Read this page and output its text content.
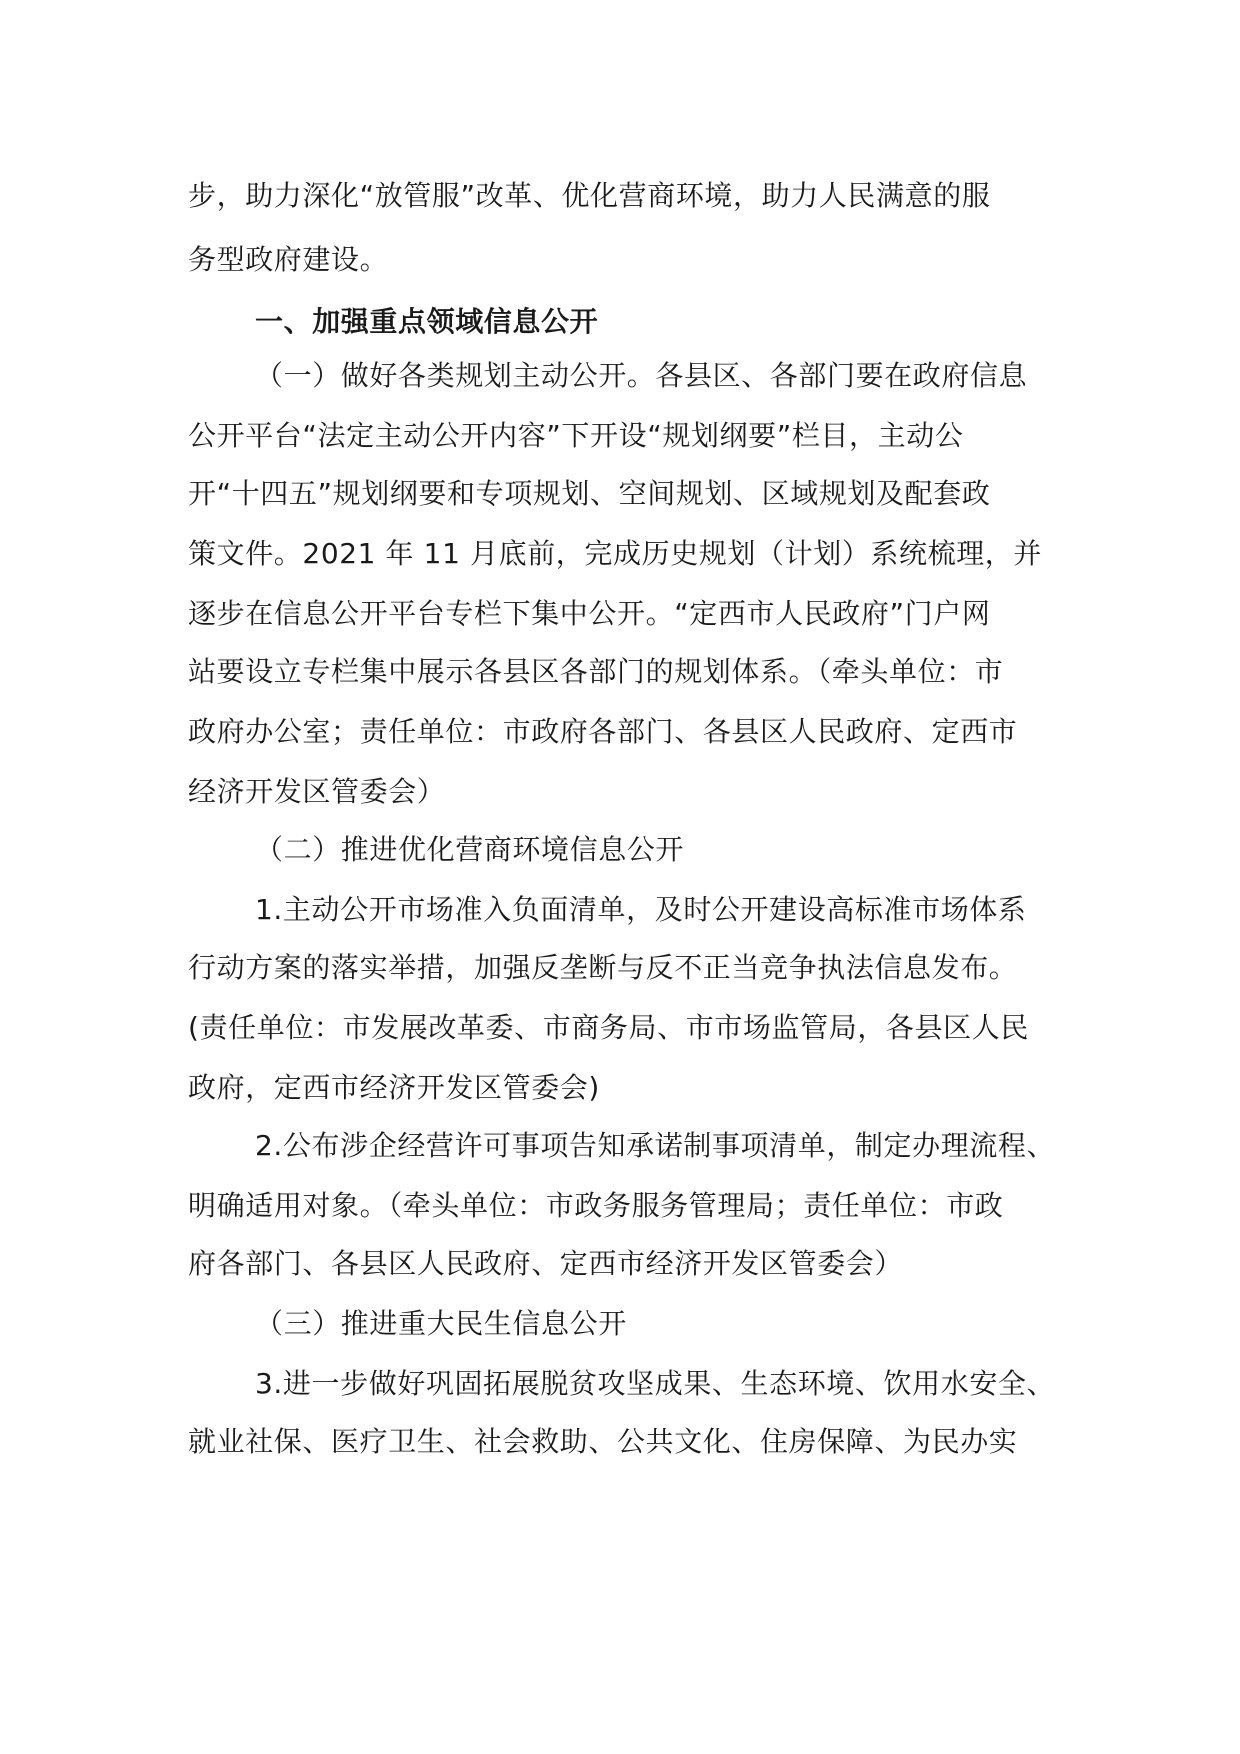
步，助力深化“放管服”改革、优化营商环境，助力人民满意的服
务型政府建设。
一、加强重点领域信息公开
（一）做好各类规划主动公开。各县区、各部门要在政府信息
公开平台“法定主动公开内容”下开设“规划纲要”栏目，主动公
开“十四五”规划纲要和专项规划、空间规划、区域规划及配套政
策文件。2021 年 11 月底前，完成历史规划（计划）系统梳理，并
逐步在信息公开平台专栏下集中公开。“定西市人民政府”门户网
站要设立专栏集中展示各县区各部门的规划体系。（牵头单位：市
政府办公室；责任单位：市政府各部门、各县区人民政府、定西市
经济开发区管委会）
（二）推进优化营商环境信息公开
1.主动公开市场准入负面清单，及时公开建设高标准市场体系
行动方案的落实举措，加强反垄断与反不正当竞争执法信息发布。
(责任单位：市发展改革委、市商务局、市市场监管局，各县区人民
政府，定西市经济开发区管委会)
2.公布涉企经营许可事项告知承诺制事项清单，制定办理流程、
明确适用对象。（牵头单位：市政务服务管理局；责任单位：市政
府各部门、各县区人民政府、定西市经济开发区管委会）
（三）推进重大民生信息公开
3.进一步做好巩固拓展脱贫攻坚成果、生态环境、饮用水安全、
就业社保、医疗卫生、社会救助、公共文化、住房保障、为民办实
